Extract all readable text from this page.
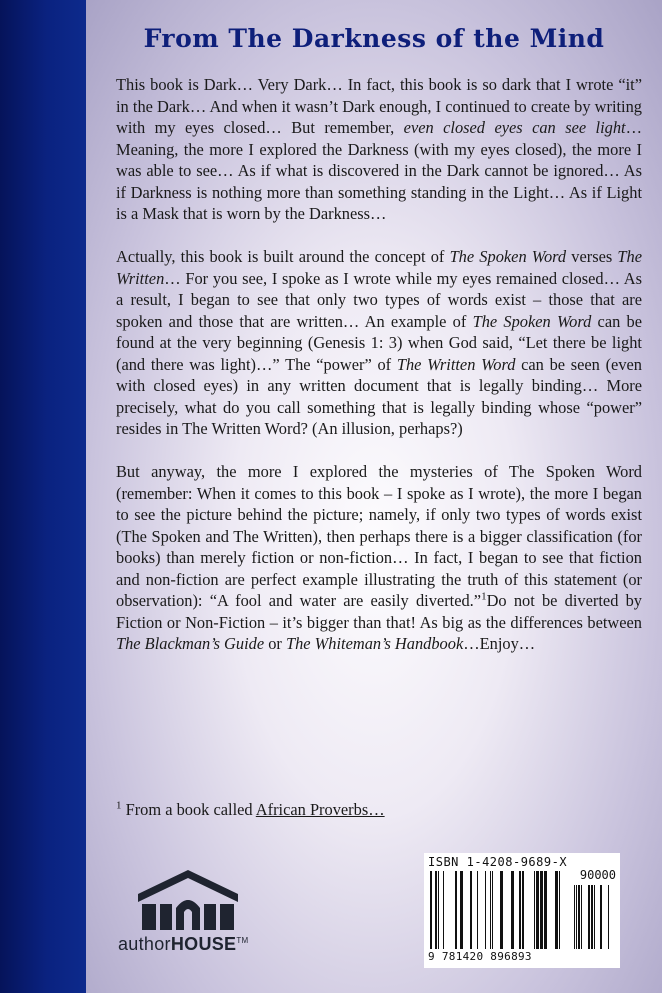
From The Darkness of the Mind

This book is Dark… Very Dark… In fact, this book is so dark that I wrote “it” in the Dark… And when it wasn’t Dark enough, I continued to create by writing with my eyes closed… But remember, even closed eyes can see light…Meaning, the more I explored the Darkness (with my eyes closed), the more I was able to see… As if what is discovered in the Dark cannot be ignored… As if Darkness is nothing more than something standing in the Light… As if Light is a Mask that is worn by the Darkness…

Actually, this book is built around the concept of The Spoken Word verses The Written… For you see, I spoke as I wrote while my eyes remained closed… As a result, I began to see that only two types of words exist – those that are spoken and those that are written… An example of The Spoken Word can be found at the very beginning (Genesis 1: 3) when God said, “Let there be light (and there was light)…” The “power” of The Written Word can be seen (even with closed eyes) in any written document that is legally binding… More precisely, what do you call something that is legally binding whose “power” resides in The Written Word? (An illusion, perhaps?)

But anyway, the more I explored the mysteries of The Spoken Word (remember: When it comes to this book – I spoke as I wrote), the more I began to see the picture behind the picture; namely, if only two types of words exist (The Spoken and The Written), then perhaps there is a bigger classification (for books) than merely fiction or non-fiction… In fact, I began to see that fiction and non-fiction are perfect example illustrating the truth of this statement (or observation): “A fool and water are easily diverted.”$^1$Do not be diverted by Fiction or Non-Fiction – it’s bigger than that! As big as the differences between The Blackman’s Guide or The Whiteman’s Handbook…Enjoy…

$^1$ From a book called African Proverbs…
authorHOUSE™
ISBN 1-4208-9689-X
90000
9 781420 896893
